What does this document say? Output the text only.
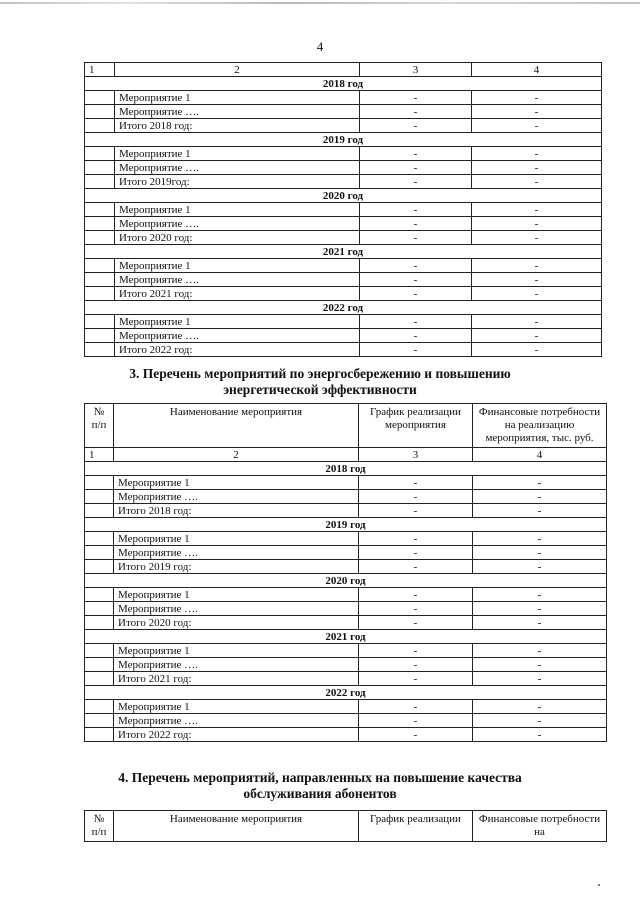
4
1	2	3	4
2018 год			
	Мероприятие 1	-	-
	Мероприятие ….	-	-
	Итого 2018 год:	-	-
2019 год			
	Мероприятие 1	-	-
	Мероприятие ….	-	-
	Итого 2019год:	-	-
2020 год			
	Мероприятие 1	-	-
	Мероприятие ….	-	-
	Итого 2020 год:	-	-
2021 год			
	Мероприятие 1	-	-
	Мероприятие ….	-	-
	Итого 2021 год:	-	-
2022 год			
	Мероприятие 1	-	-
	Мероприятие ….	-	-
	Итого 2022 год:	-	-
3. Перечень мероприятий по энергосбережению и повышению
энергетической эффективности
№ п/п	Наименование мероприятия	График реализации мероприятия	Финансовые потребности на реализацию мероприятия, тыс. руб.
1	2	3	4
2018 год			
	Мероприятие 1	-	-
	Мероприятие ….	-	-
	Итого 2018 год:	-	-
2019 год			
	Мероприятие 1	-	-
	Мероприятие ….	-	-
	Итого 2019 год:	-	-
2020 год			
	Мероприятие 1	-	-
	Мероприятие ….	-	-
	Итого 2020 год:	-	-
2021 год			
	Мероприятие 1	-	-
	Мероприятие ….	-	-
	Итого 2021 год:	-	-
2022 год			
	Мероприятие 1	-	-
	Мероприятие ….	-	-
	Итого 2022 год:	-	-
4. Перечень мероприятий, направленных на повышение качества
обслуживания абонентов
№ п/п	Наименование мероприятия	График реализации	Финансовые потребности на
